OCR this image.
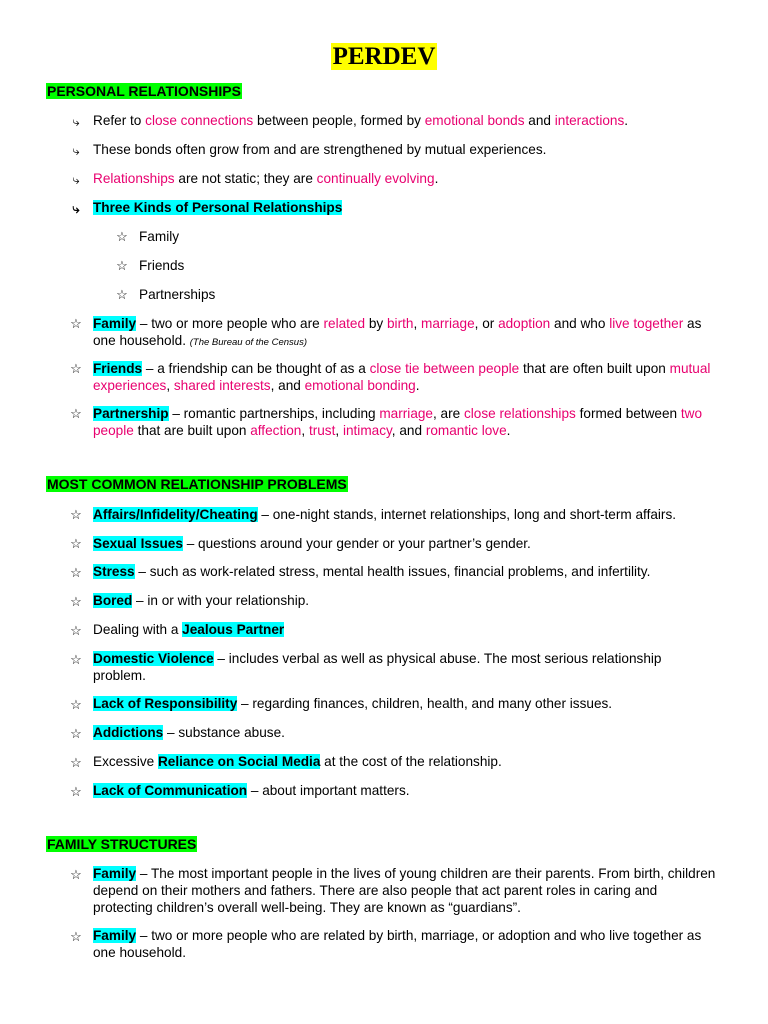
PERDEV
PERSONAL RELATIONSHIPS
⤷ Refer to close connections between people, formed by emotional bonds and interactions.
⤷ These bonds often grow from and are strengthened by mutual experiences.
⤷ Relationships are not static; they are continually evolving.
⤷ Three Kinds of Personal Relationships
☆ Family
☆ Friends
☆ Partnerships
☆ Family – two or more people who are related by birth, marriage, or adoption and who live together as one household. (The Bureau of the Census)
☆ Friends – a friendship can be thought of as a close tie between people that are often built upon mutual experiences, shared interests, and emotional bonding.
☆ Partnership – romantic partnerships, including marriage, are close relationships formed between two people that are built upon affection, trust, intimacy, and romantic love.
MOST COMMON RELATIONSHIP PROBLEMS
☆ Affairs/Infidelity/Cheating – one-night stands, internet relationships, long and short-term affairs.
☆ Sexual Issues – questions around your gender or your partner’s gender.
☆ Stress – such as work-related stress, mental health issues, financial problems, and infertility.
☆ Bored – in or with your relationship.
☆ Dealing with a Jealous Partner
☆ Domestic Violence – includes verbal as well as physical abuse. The most serious relationship problem.
☆ Lack of Responsibility – regarding finances, children, health, and many other issues.
☆ Addictions – substance abuse.
☆ Excessive Reliance on Social Media at the cost of the relationship.
☆ Lack of Communication – about important matters.
FAMILY STRUCTURES
☆ Family – The most important people in the lives of young children are their parents. From birth, children depend on their mothers and fathers. There are also people that act parent roles in caring and protecting children’s overall well-being. They are known as “guardians”.
☆ Family – two or more people who are related by birth, marriage, or adoption and who live together as one household.
